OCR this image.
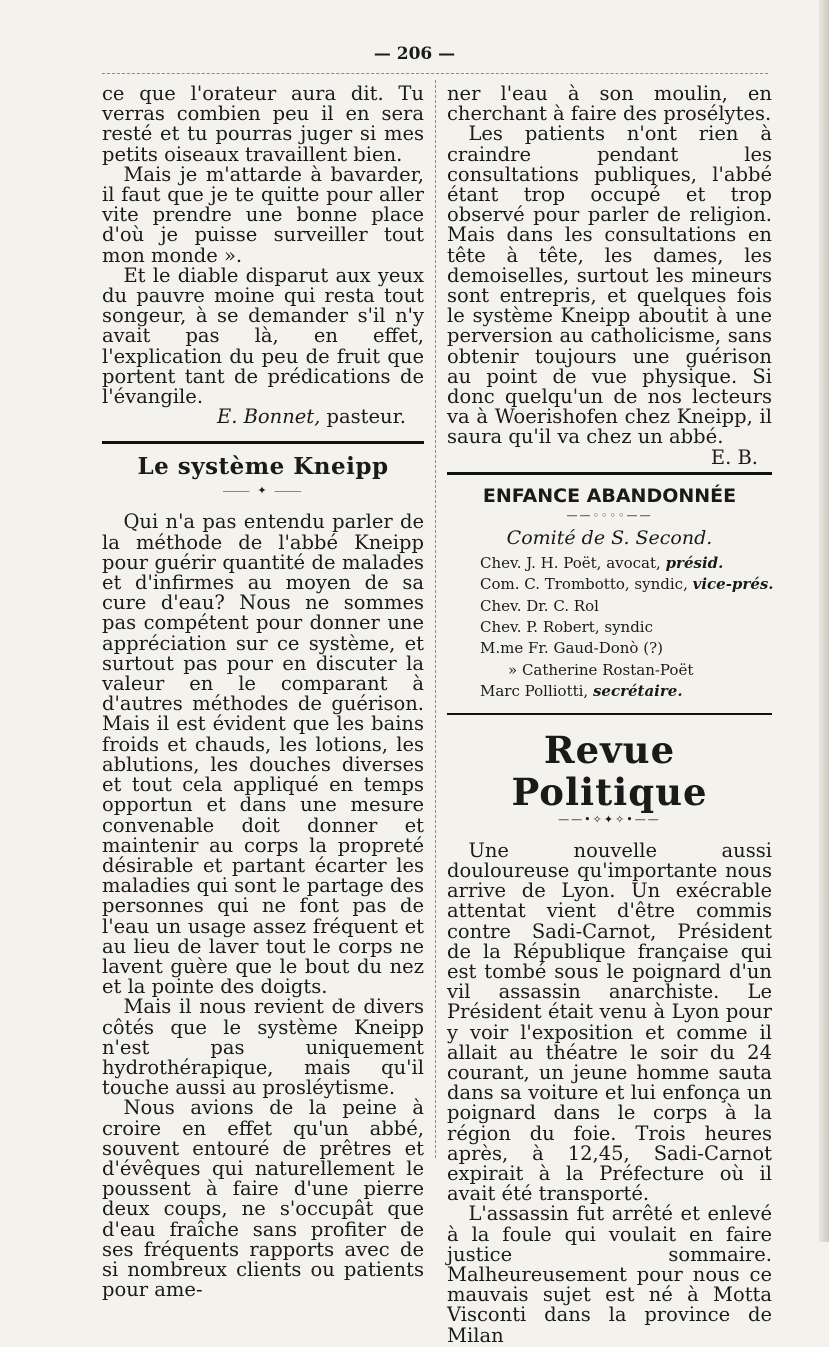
— 206 —

ce que l'orateur aura dit. Tu verras combien peu il en sera resté et tu pourras juger si mes petits oiseaux travaillent bien.

Mais je m'attarde à bavarder, il faut que je te quitte pour aller vite prendre une bonne place d'où je puisse surveiller tout mon monde ».

Et le diable disparut aux yeux du pauvre moine qui resta tout songeur, à se demander s'il n'y avait pas là, en effet, l'explication du peu de fruit que portent tant de prédications de l'évangile.

E. Bonnet, pasteur.
Le système Kneipp
⸻ ✦ ⸻

Qui n'a pas entendu parler de la méthode de l'abbé Kneipp pour guérir quantité de malades et d'infirmes au moyen de sa cure d'eau? Nous ne sommes pas compétent pour donner une appréciation sur ce système, et surtout pas pour en discuter la valeur en le comparant à d'autres méthodes de guérison. Mais il est évident que les bains froids et chauds, les lotions, les ablutions, les douches diverses et tout cela appliqué en temps opportun et dans une mesure convenable doit donner et maintenir au corps la propreté désirable et partant écarter les maladies qui sont le partage des personnes qui ne font pas de l'eau un usage assez fréquent et au lieu de laver tout le corps ne lavent guère que le bout du nez et la pointe des doigts.

Mais il nous revient de divers côtés que le système Kneipp n'est pas uniquement hydrothérapique, mais qu'il touche aussi au prosléytisme.

Nous avions de la peine à croire en effet qu'un abbé, souvent entouré de prêtres et d'évêques qui naturellement le poussent à faire d'une pierre deux coups, ne s'occupât que d'eau fraîche sans profiter de ses fréquents rapports avec de si nombreux clients ou patients pour ame-

ner l'eau à son moulin, en cherchant à faire des prosélytes.

Les patients n'ont rien à craindre pendant les consultations publiques, l'abbé étant trop occupé et trop observé pour parler de religion. Mais dans les consultations en tête à tête, les dames, les demoiselles, surtout les mineurs sont entrepris, et quelques fois le système Kneipp aboutit à une perversion au catholicisme, sans obtenir toujours une guérison au point de vue physique. Si donc quelqu'un de nos lecteurs va à Woerishofen chez Kneipp, il saura qu'il va chez un abbé.

E. B.
ENFANCE ABANDONNÉE
——◦◦◦◦——
Comité de S. Second.
Chev. J. H. Poët, avocat, présid.
Com. C. Trombotto, syndic, vice-prés.
Chev. Dr. C. Rol
Chev. P. Robert, syndic
M.me Fr. Gaud-Donò (?)
» Catherine Rostan-Poët
Marc Polliotti, secrétaire.
Revue Politique
——•✧✦✧•——

Une nouvelle aussi douloureuse qu'importante nous arrive de Lyon. Un exécrable attentat vient d'être commis contre Sadi-Carnot, Président de la République française qui est tombé sous le poignard d'un vil assassin anarchiste. Le Président était venu à Lyon pour y voir l'exposition et comme il allait au théatre le soir du 24 courant, un jeune homme sauta dans sa voiture et lui enfonça un poignard dans le corps à la région du foie. Trois heures après, à 12,45, Sadi-Carnot expirait à la Préfecture où il avait été transporté.

L'assassin fut arrêté et enlevé à la foule qui voulait en faire justice sommaire. Malheureusement pour nous ce mauvais sujet est né à Motta Visconti dans la province de Milan
